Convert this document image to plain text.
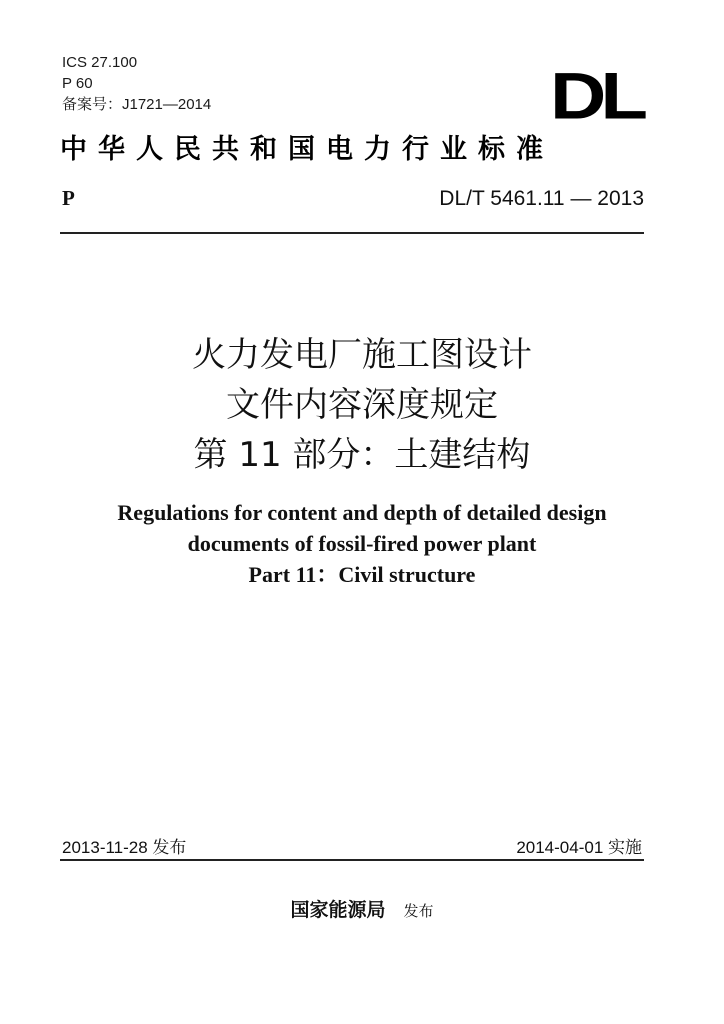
ICS 27.100
P 60
备案号：J1721—2014	DL
中华人民共和国电力行业标准
P	DL/T 5461.11 — 2013
火力发电厂施工图设计
文件内容深度规定
第 11 部分：土建结构
Regulations for content and depth of detailed design
documents of fossil-fired power plant
Part 11：Civil structure
2013-11-28 发布	2014-04-01 实施
国家能源局 发布
